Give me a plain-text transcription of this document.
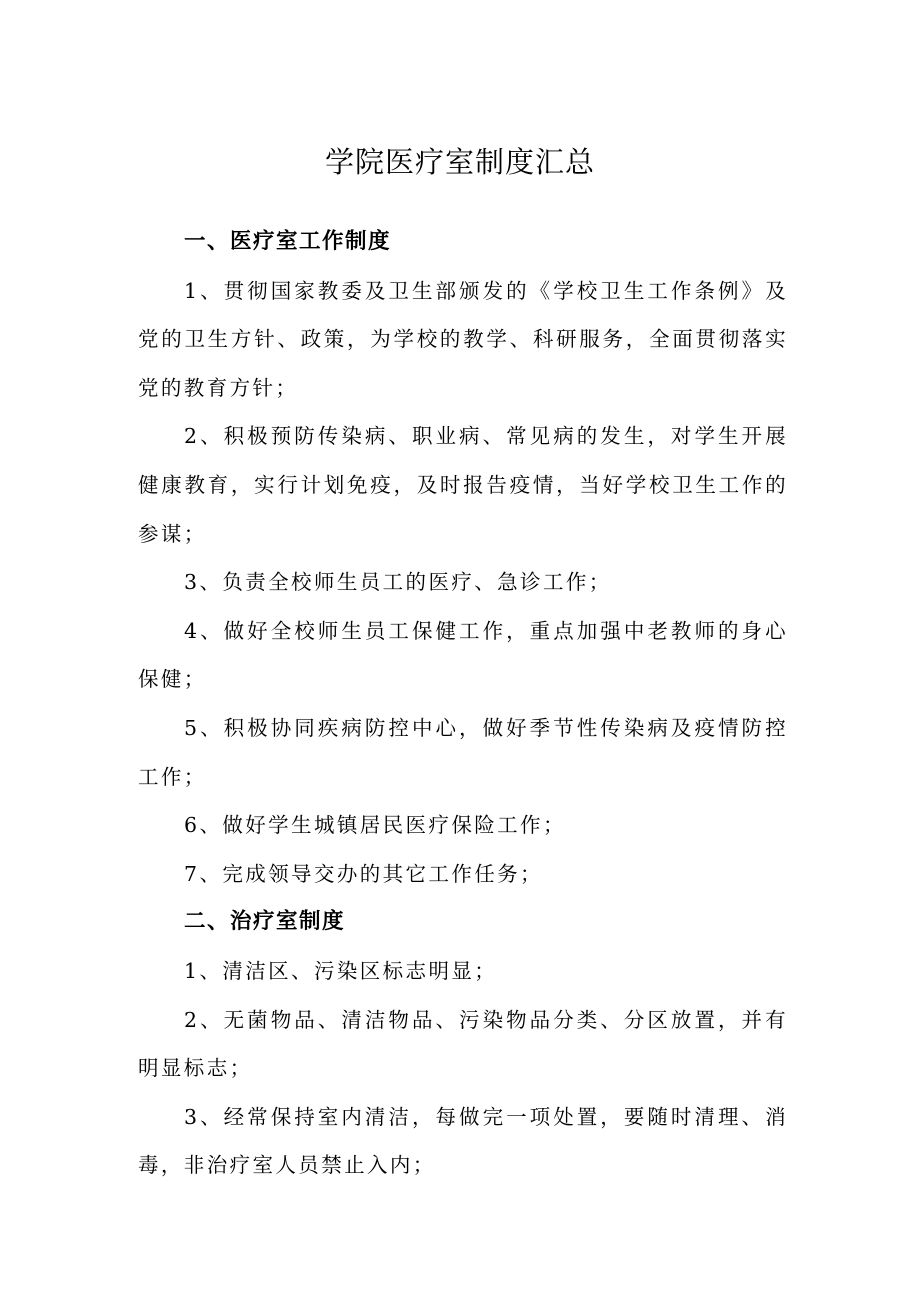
学院医疗室制度汇总
一、医疗室工作制度

1、贯彻国家教委及卫生部颁发的《学校卫生工作条例》及党的卫生方针、政策，为学校的教学、科研服务，全面贯彻落实党的教育方针；

2、积极预防传染病、职业病、常见病的发生，对学生开展健康教育，实行计划免疫，及时报告疫情，当好学校卫生工作的参谋；

3、负责全校师生员工的医疗、急诊工作；

4、做好全校师生员工保健工作，重点加强中老教师的身心保健；

5、积极协同疾病防控中心，做好季节性传染病及疫情防控工作；

6、做好学生城镇居民医疗保险工作；

7、完成领导交办的其它工作任务；

二、治疗室制度

1、清洁区、污染区标志明显；

2、无菌物品、清洁物品、污染物品分类、分区放置，并有明显标志；

3、经常保持室内清洁，每做完一项处置，要随时清理、消毒，非治疗室人员禁止入内；
